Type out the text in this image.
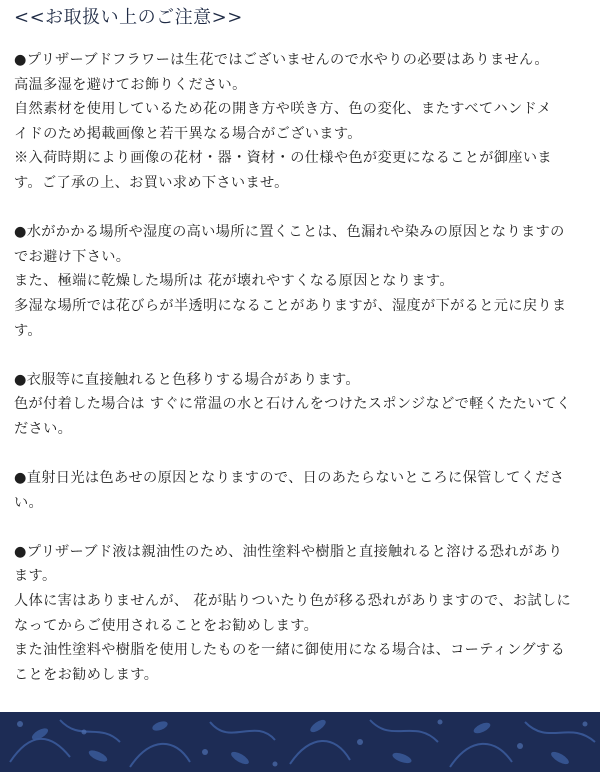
<<お取扱い上のご注意>>
●プリザーブドフラワーは生花ではございませんので水やりの必要はありません。
高温多湿を避けてお飾りください。
自然素材を使用しているため花の開き方や咲き方、色の変化、またすべてハンドメ
イドのため掲載画像と若干異なる場合がございます。
※入荷時期により画像の花材・器・資材・の仕様や色が変更になることが御座いま
す。ご了承の上、お買い求め下さいませ。
●水がかかる場所や湿度の高い場所に置くことは、色漏れや染みの原因となりますの
でお避け下さい。
また、極端に乾燥した場所は 花が壊れやすくなる原因となります。
多湿な場所では花びらが半透明になることがありますが、湿度が下がると元に戻りま
す。
●衣服等に直接触れると色移りする場合があります。
色が付着した場合は すぐに常温の水と石けんをつけたスポンジなどで軽くたたいてく
ださい。
●直射日光は色あせの原因となりますので、日のあたらないところに保管してくださ
い。
●プリザーブド液は親油性のため、油性塗料や樹脂と直接触れると溶ける恐れがあり
ます。
人体に害はありませんが、 花が貼りついたり色が移る恐れがありますので、お試しに
なってからご使用されることをお勧めします。
また油性塗料や樹脂を使用したものを一緒に御使用になる場合は、コーティングする
ことをお勧めします。
